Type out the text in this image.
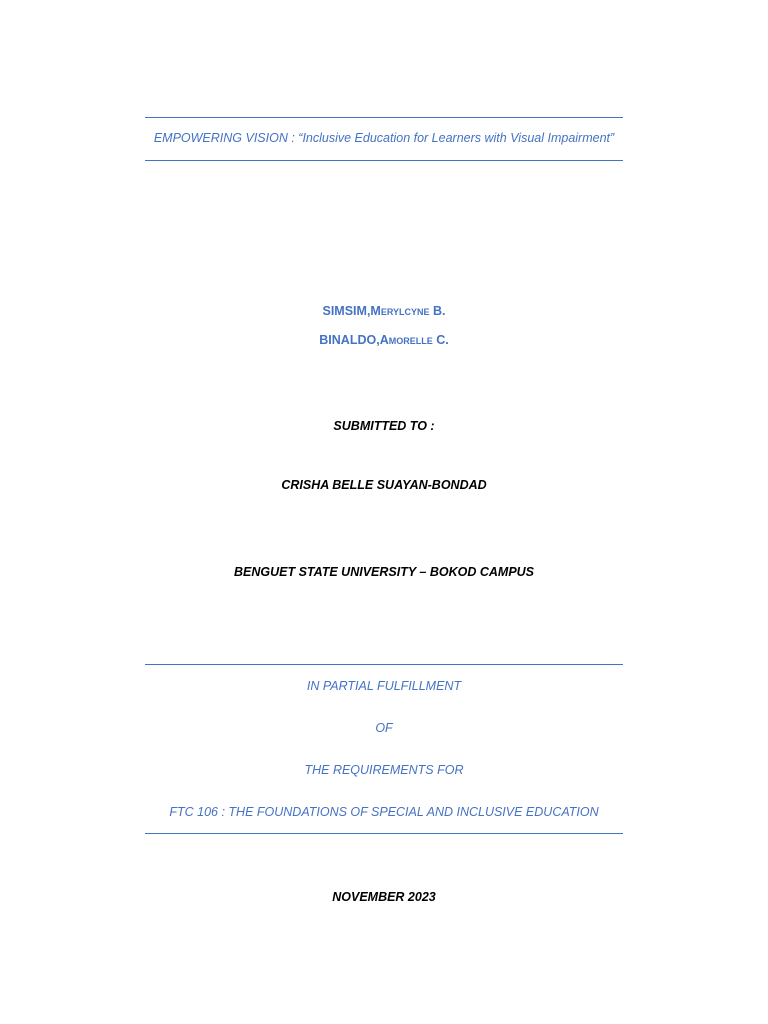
EMPOWERING VISION : “Inclusive Education for Learners with Visual Impairment”
SIMSIM,Merylcyne B.
BINALDO,Amorelle C.
SUBMITTED TO :
CRISHA BELLE SUAYAN-BONDAD
BENGUET STATE UNIVERSITY – BOKOD CAMPUS
IN PARTIAL FULFILLMENT
OF
THE REQUIREMENTS FOR
FTC 106 : THE FOUNDATIONS OF SPECIAL AND INCLUSIVE EDUCATION
NOVEMBER 2023
